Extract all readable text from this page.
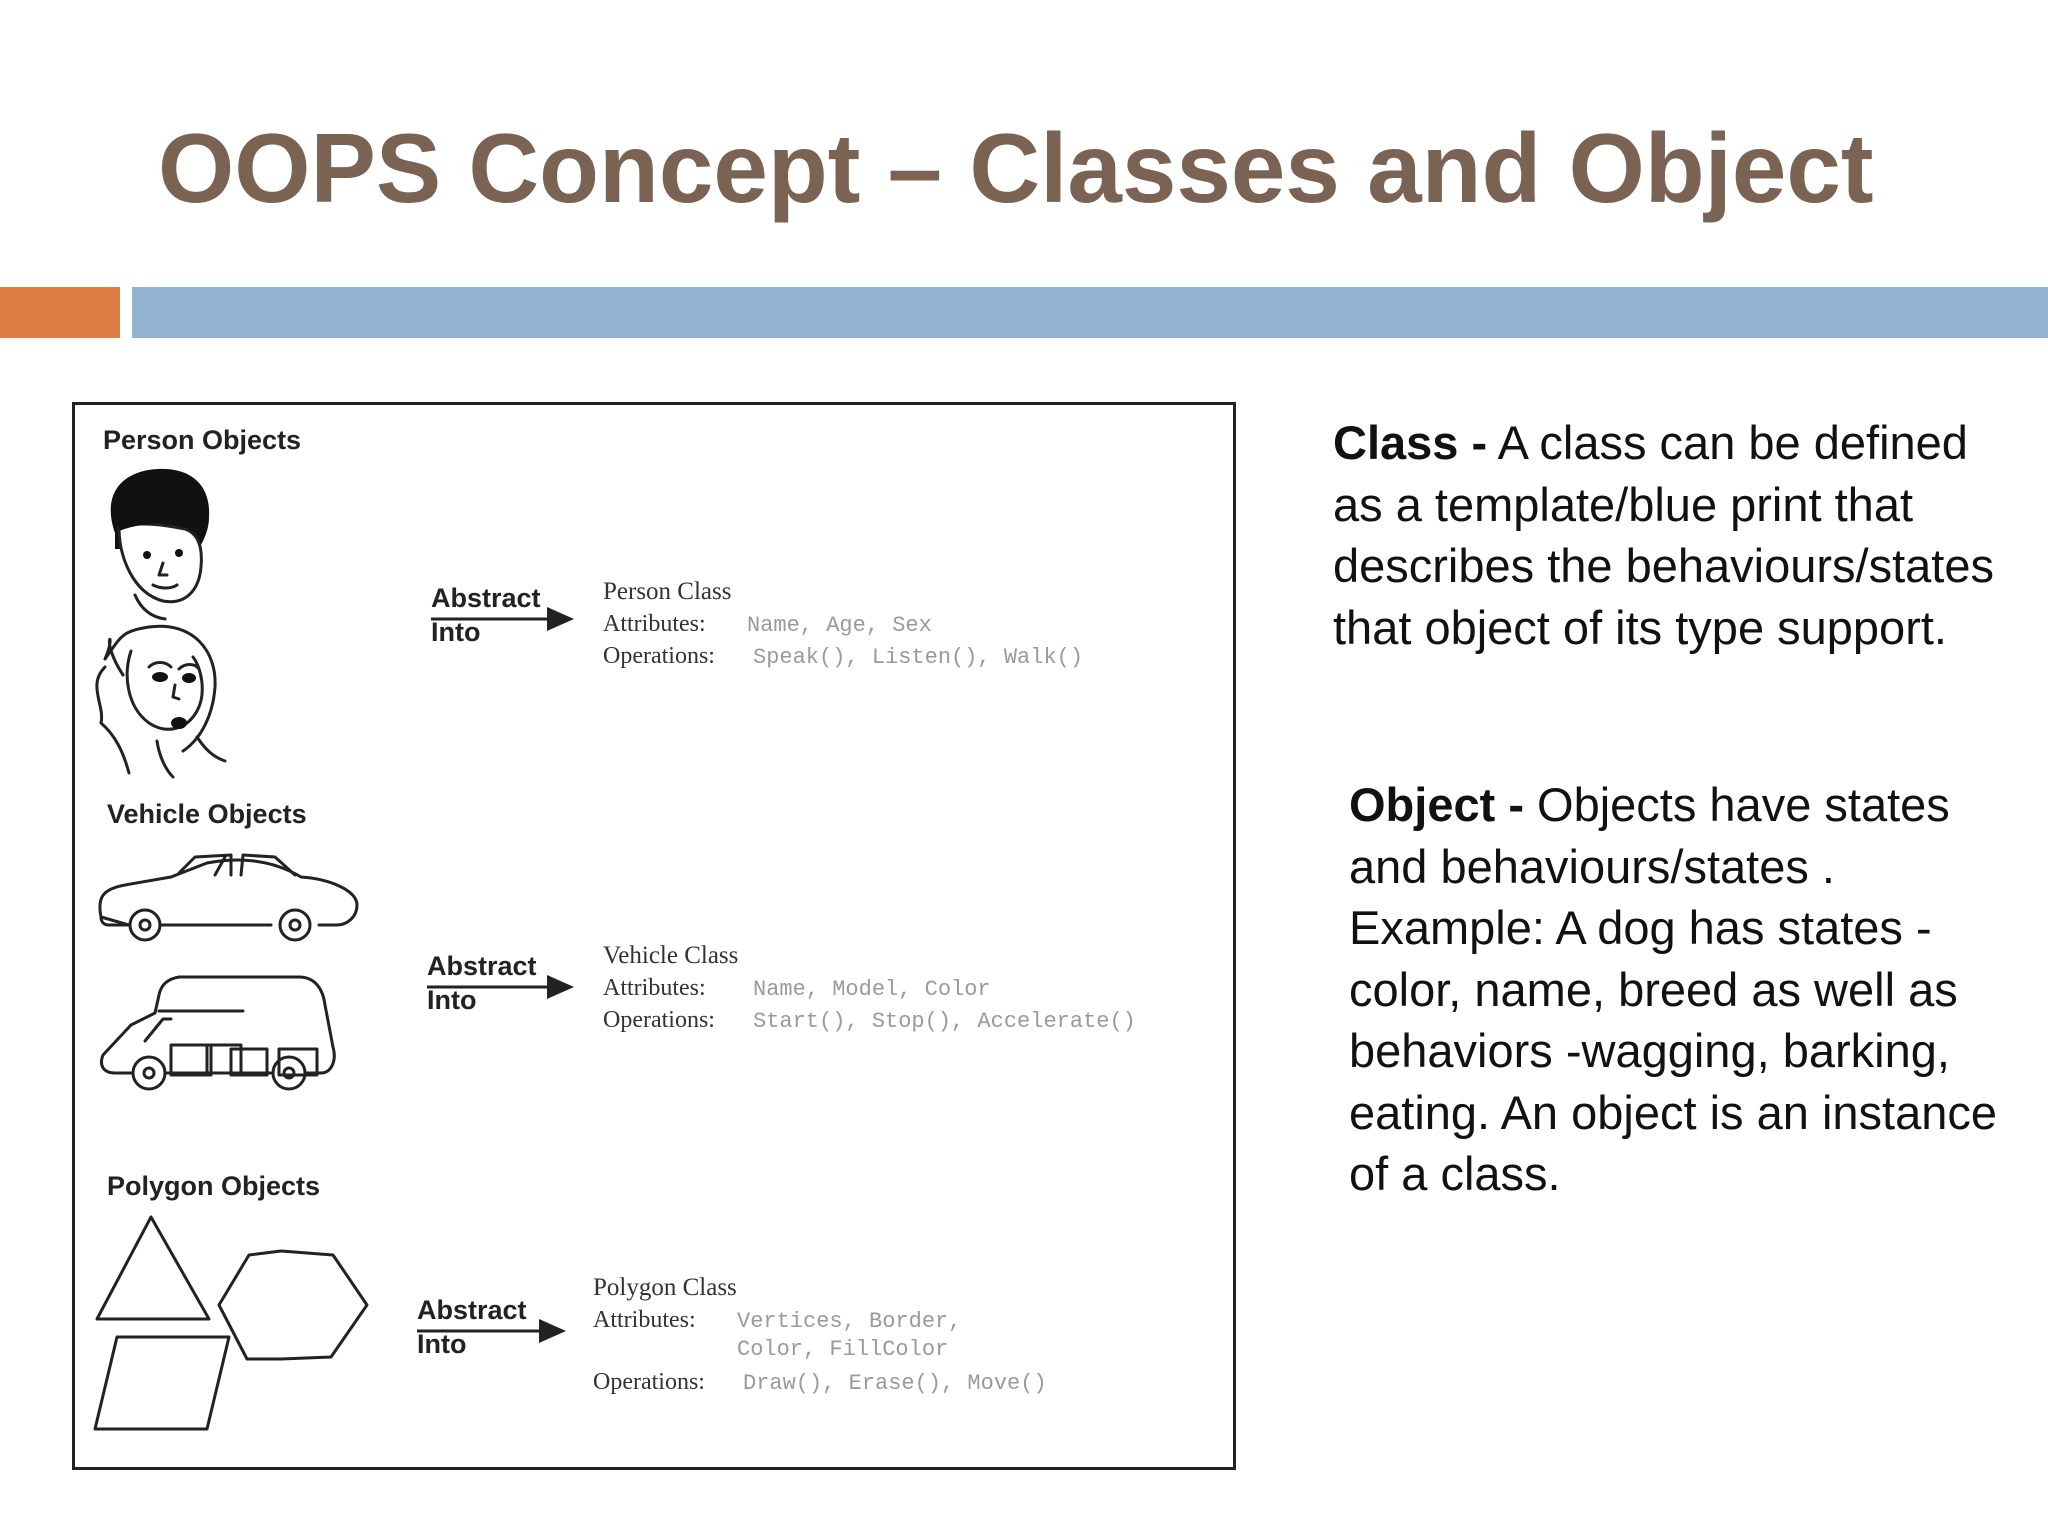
OOPS Concept – Classes and Object
Person Objects
Abstract
Into
Person Class
Attributes: Name, Age, Sex
Operations: Speak(), Listen(), Walk()
Vehicle Objects
Abstract
Into
Vehicle Class
Attributes: Name, Model, Color
Operations: Start(), Stop(), Accelerate()
Polygon Objects
Abstract
Into
Polygon Class
Attributes: Vertices, Border,
Color, FillColor
Operations: Draw(), Erase(), Move()
Class - A class can be defined as a template/blue print that describes the behaviours/states that object of its type support.
Object - Objects have states and behaviours/states . Example: A dog has states - color, name, breed as well as behaviors -wagging, barking, eating. An object is an instance of a class.
